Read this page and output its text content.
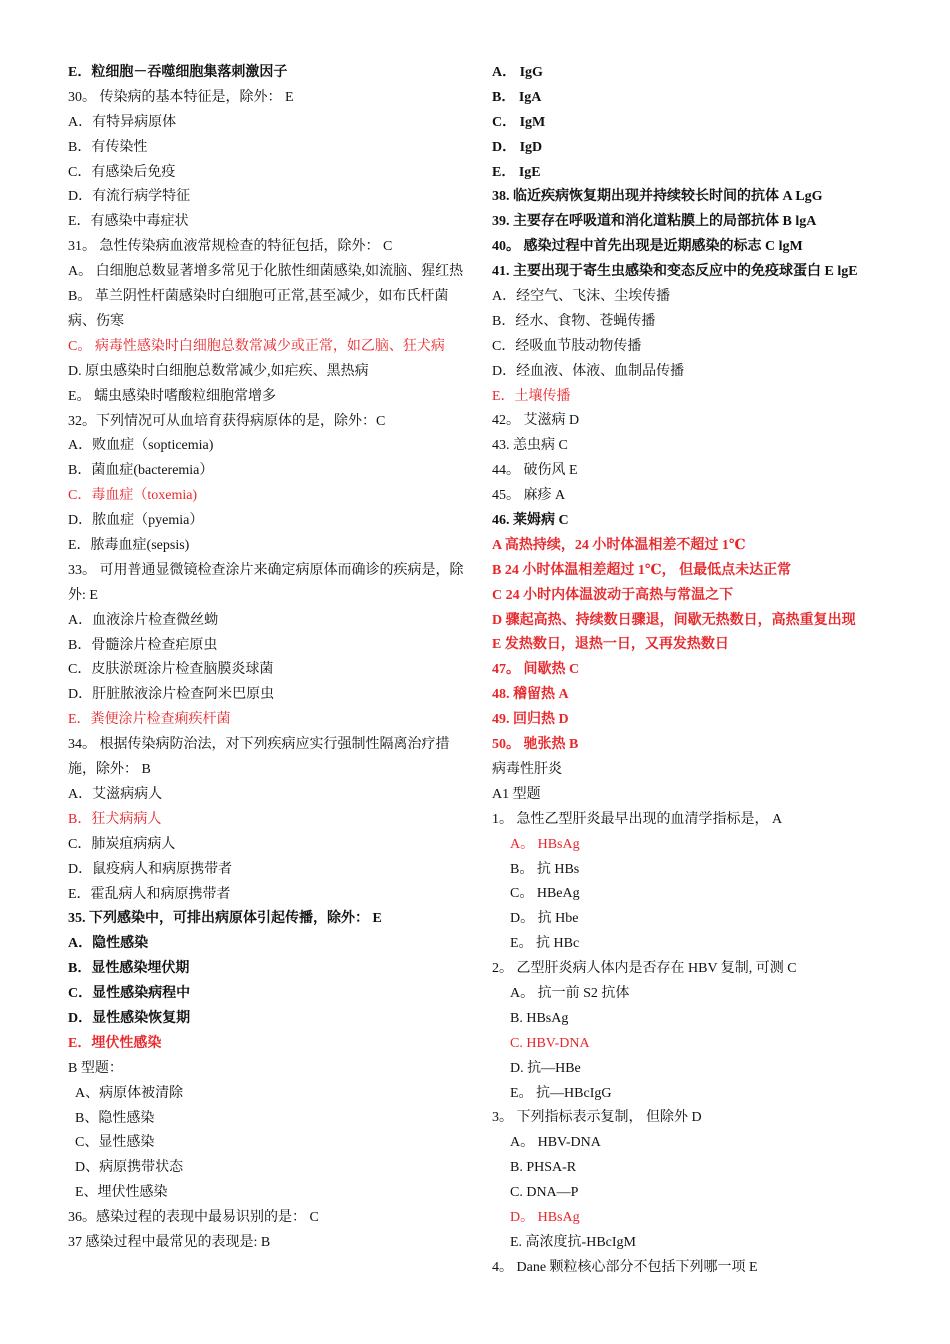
E．粒细胞－吞噬细胞集落刺激因子
30。 传染病的基本特征是，除外： E
A．有特异病原体
B．有传染性
C．有感染后免疫
D．有流行病学特征
E．有感染中毒症状
31。 急性传染病血液常规检查的特征包括，除外： C
A。 白细胞总数显著增多常见于化脓性细菌感染,如流脑、猩红热
B。 革兰阴性杆菌感染时白细胞可正常,甚至减少，如布氏杆菌病、伤寒
C。 病毒性感染时白细胞总数常减少或正常，如乙脑、狂犬病
D. 原虫感染时白细胞总数常减少,如疟疾、黑热病
E。 蠕虫感染时嗜酸粒细胞常增多
32。下列情况可从血培育获得病原体的是，除外：C
A．败血症（sopticemia)
B．菌血症(bacteremia）
C．毒血症（toxemia)
D．脓血症（pyemia）
E．脓毒血症(sepsis)
33。 可用普通显微镜检查涂片来确定病原体而确诊的疾病是，除外: E
A．血液涂片检查微丝蚴
B．骨髓涂片检查疟原虫
C．皮肤淤斑涂片检查脑膜炎球菌
D．肝脏脓液涂片检查阿米巴原虫
E．粪便涂片检查痢疾杆菌
34。 根据传染病防治法，对下列疾病应实行强制性隔离治疗措施，除外： B
A．艾滋病病人
B．狂犬病病人
C．肺炭疽病病人
D．鼠疫病人和病原携带者
E．霍乱病人和病原携带者
35. 下列感染中，可排出病原体引起传播，除外： E
A．隐性感染
B．显性感染埋伏期
C．显性感染病程中
D．显性感染恢复期
E．埋伏性感染
B 型题：
A、病原体被清除
B、隐性感染
C、显性感染
D、病原携带状态
E、埋伏性感染
36。感染过程的表现中最易识别的是： C
37 感染过程中最常见的表现是: B
A． IgG
B． IgA
C． IgM
D． IgD
E． IgE
38. 临近疾病恢复期出现并持续较长时间的抗体 A LgG
39. 主要存在呼吸道和消化道粘膜上的局部抗体 B lgA
40。 感染过程中首先出现是近期感染的标志 C lgM
41. 主要出现于寄生虫感染和变态反应中的免疫球蛋白 E lgE
A．经空气、飞沫、尘埃传播
B．经水、食物、苍蝇传播
C．经吸血节肢动物传播
D．经血液、体液、血制品传播
E．土壤传播
42。 艾滋病 D
43. 恙虫病 C
44。 破伤风 E
45。 麻疹 A
46. 莱姆病 C
A 高热持续，24 小时体温相差不超过 1℃
B 24 小时体温相差超过 1℃， 但最低点未达正常
C 24 小时内体温波动于高热与常温之下
D 骤起高热、持续数日骤退，间歇无热数日，高热重复出现
E 发热数日，退热一日，又再发热数日
47。 间歇热 C
48. 稽留热 A
49. 回归热 D
50。 驰张热 B
病毒性肝炎
A1 型题
1。 急性乙型肝炎最早出现的血清学指标是， A
A。 HBsAg
B。 抗 HBs
C。 HBeAg
D。 抗 Hbe
E。 抗 HBc
2。 乙型肝炎病人体内是否存在 HBV 复制, 可测 C
A。 抗一前 S2 抗体
B. HBsAg
C. HBV-DNA
D. 抗—HBe
E。 抗—HBcIgG
3。 下列指标表示复制， 但除外 D
A。 HBV-DNA
B. PHSA-R
C. DNA—P
D。 HBsAg
E. 高浓度抗-HBcIgM
4。 Dane 颗粒核心部分不包括下列哪一项 E
